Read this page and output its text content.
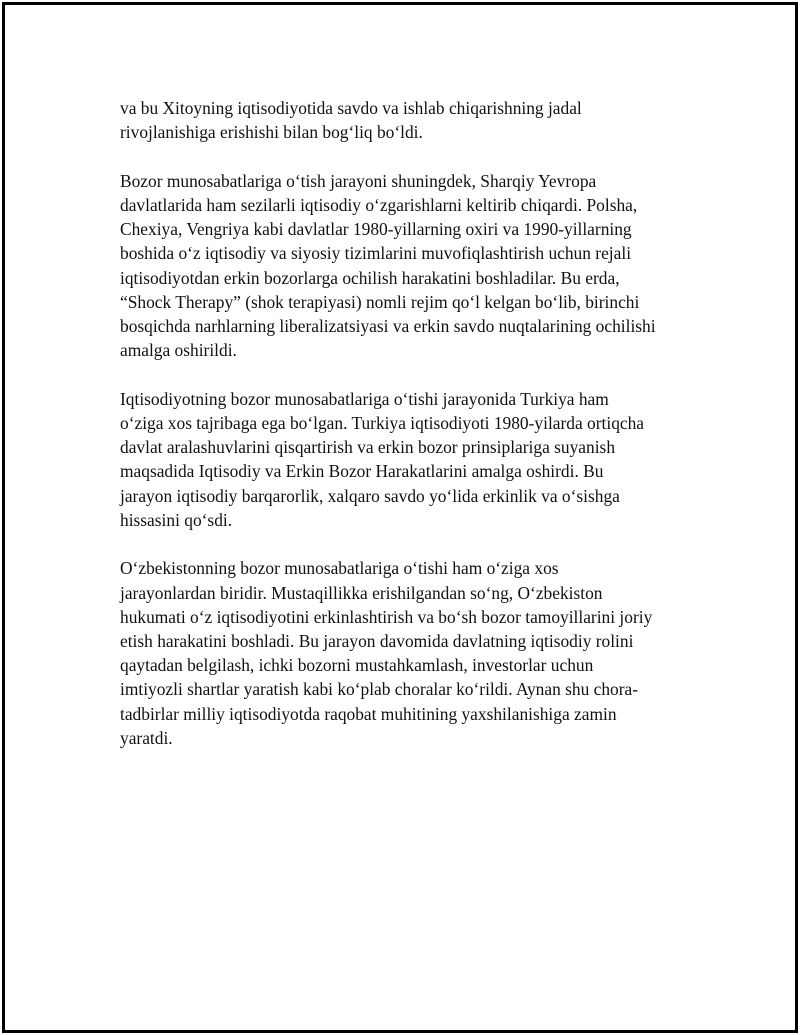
va bu Xitoyning iqtisodiyotida savdo va ishlab chiqarishning jadal
rivojlanishiga erishishi bilan bog‘liq bo‘ldi.

Bozor munosabatlariga o‘tish jarayoni shuningdek, Sharqiy Yevropa
davlatlarida ham sezilarli iqtisodiy o‘zgarishlarni keltirib chiqardi. Polsha,
Chexiya, Vengriya kabi davlatlar 1980-yillarning oxiri va 1990-yillarning
boshida o‘z iqtisodiy va siyosiy tizimlarini muvofiqlashtirish uchun rejali
iqtisodiyotdan erkin bozorlarga ochilish harakatini boshladilar. Bu erda,
“Shock Therapy” (shok terapiyasi) nomli rejim qo‘l kelgan bo‘lib, birinchi
bosqichda narhlarning liberalizatsiyasi va erkin savdo nuqtalarining ochilishi
amalga oshirildi.

Iqtisodiyotning bozor munosabatlariga o‘tishi jarayonida Turkiya ham
o‘ziga xos tajribaga ega bo‘lgan. Turkiya iqtisodiyoti 1980-yilarda ortiqcha
davlat aralashuvlarini qisqartirish va erkin bozor prinsiplariga suyanish
maqsadida Iqtisodiy va Erkin Bozor Harakatlarini amalga oshirdi. Bu
jarayon iqtisodiy barqarorlik, xalqaro savdo yo‘lida erkinlik va o‘sishga
hissasini qo‘sdi.

O‘zbekistonning bozor munosabatlariga o‘tishi ham o‘ziga xos
jarayonlardan biridir. Mustaqillikka erishilgandan so‘ng, O‘zbekiston
hukumati o‘z iqtisodiyotini erkinlashtirish va bo‘sh bozor tamoyillarini joriy
etish harakatini boshladi. Bu jarayon davomida davlatning iqtisodiy rolini
qaytadan belgilash, ichki bozorni mustahkamlash, investorlar uchun
imtiyozli shartlar yaratish kabi ko‘plab choralar ko‘rildi. Aynan shu chora-
tadbirlar milliy iqtisodiyotda raqobat muhitining yaxshilanishiga zamin
yaratdi.
